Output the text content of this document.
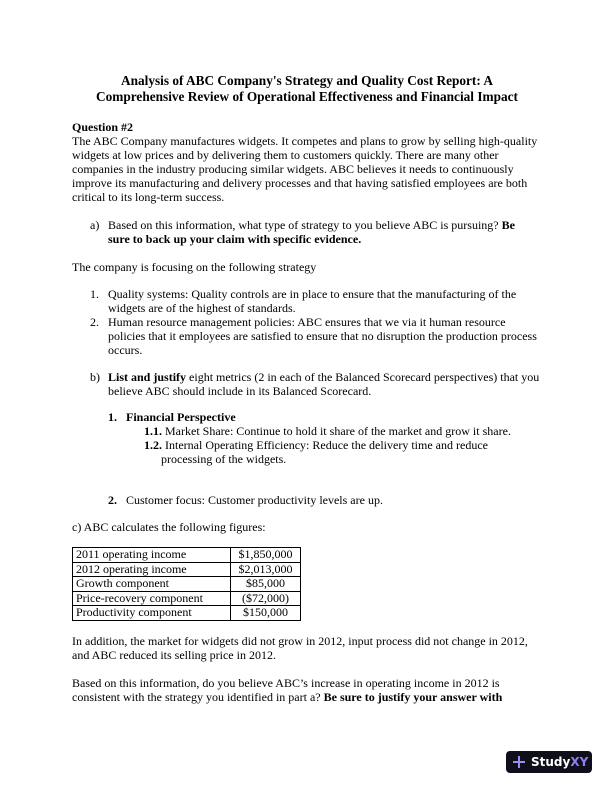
Analysis of ABC Company's Strategy and Quality Cost Report: A
Comprehensive Review of Operational Effectiveness and Financial Impact
Question #2
The ABC Company manufactures widgets. It competes and plans to grow by selling high-quality
widgets at low prices and by delivering them to customers quickly. There are many other
companies in the industry producing similar widgets. ABC believes it needs to continuously
improve its manufacturing and delivery processes and that having satisfied employees are both
critical to its long-term success.
a) Based on this information, what type of strategy to you believe ABC is pursuing? Be
sure to back up your claim with specific evidence.
The company is focusing on the following strategy
1. Quality systems: Quality controls are in place to ensure that the manufacturing of the
widgets are of the highest of standards.
2. Human resource management policies: ABC ensures that we via it human resource
policies that it employees are satisfied to ensure that no disruption the production process
occurs.
b) List and justify eight metrics (2 in each of the Balanced Scorecard perspectives) that you
believe ABC should include in its Balanced Scorecard.
1. Financial Perspective
1.1. Market Share: Continue to hold it share of the market and grow it share.
1.2. Internal Operating Efficiency: Reduce the delivery time and reduce
processing of the widgets.
2. Customer focus: Customer productivity levels are up.
c) ABC calculates the following figures:
2011 operating income	$1,850,000
2012 operating income	$2,013,000
Growth component	$85,000
Price-recovery component	($72,000)
Productivity component	$150,000
In addition, the market for widgets did not grow in 2012, input process did not change in 2012,
and ABC reduced its selling price in 2012.
Based on this information, do you believe ABC’s increase in operating income in 2012 is
consistent with the strategy you identified in part a? Be sure to justify your answer with
StudyXY
